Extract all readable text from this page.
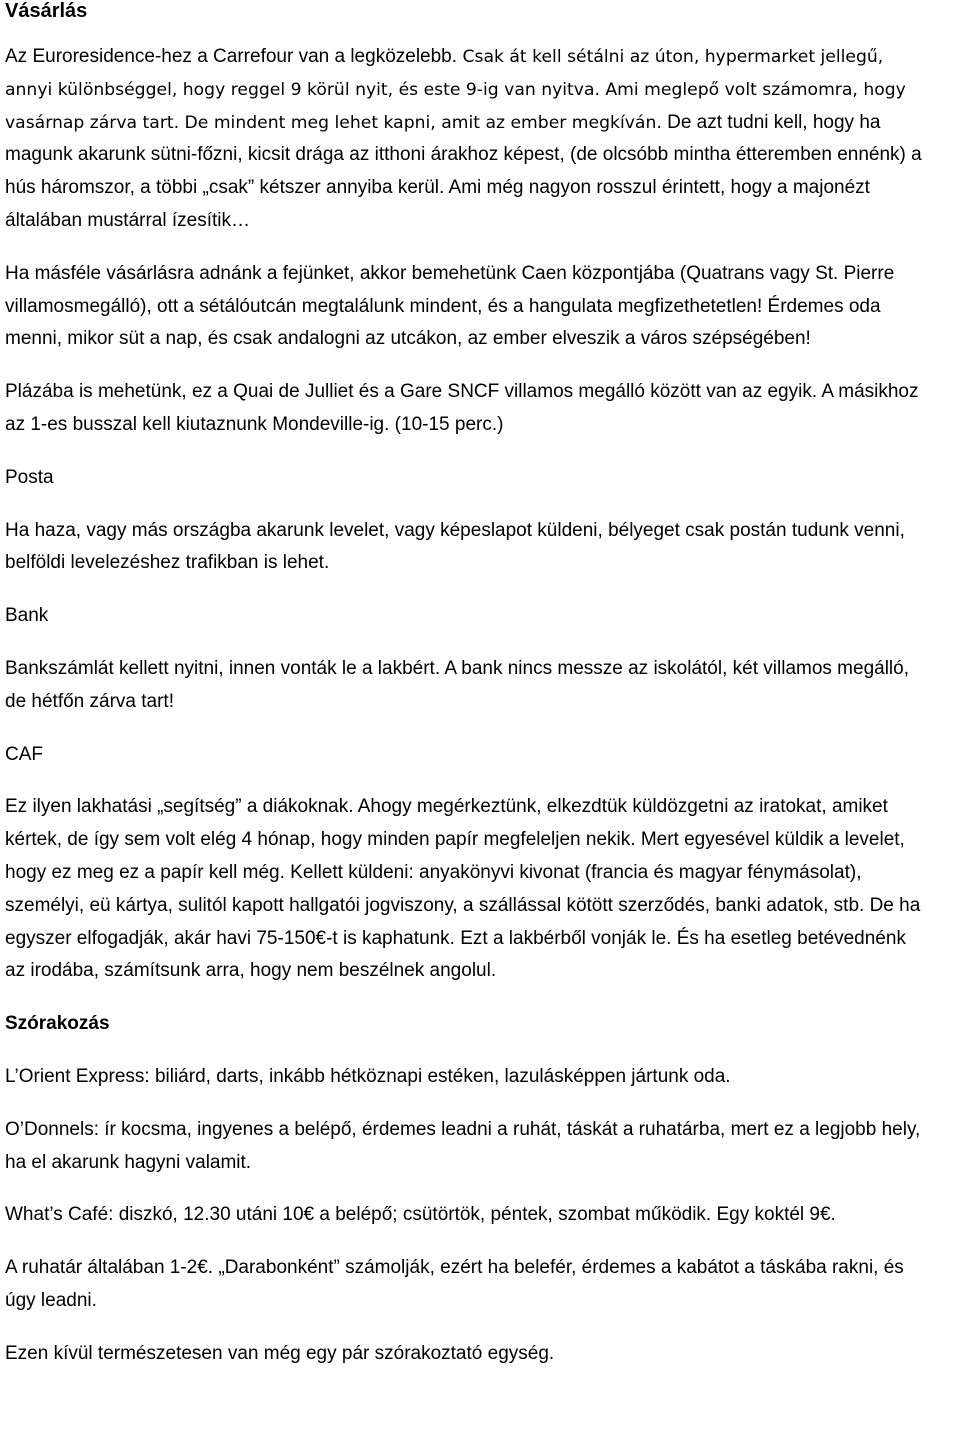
Vásárlás

Az Euroresidence-hez a Carrefour van a legközelebb. Csak át kell sétálni az úton, hypermarket jellegű, annyi különbséggel, hogy reggel 9 körül nyit, és este 9-ig van nyitva. Ami meglepő volt számomra, hogy vasárnap zárva tart. De mindent meg lehet kapni, amit az ember megkíván. De azt tudni kell, hogy ha magunk akarunk sütni-főzni, kicsit drága az itthoni árakhoz képest, (de olcsóbb mintha étteremben ennénk) a hús háromszor, a többi „csak” kétszer annyiba kerül. Ami még nagyon rosszul érintett, hogy a majonézt általában mustárral ízesítik…

Ha másféle vásárlásra adnánk a fejünket, akkor bemehetünk Caen központjába (Quatrans vagy St. Pierre villamosmegálló), ott a sétálóutcán megtalálunk mindent, és a hangulata megfizethetetlen! Érdemes oda menni, mikor süt a nap, és csak andalogni az utcákon, az ember elveszik a város szépségében!

Plázába is mehetünk, ez a Quai de Julliet és a Gare SNCF villamos megálló között van az egyik. A másikhoz az 1-es busszal kell kiutaznunk Mondeville-ig. (10-15 perc.)

Posta

Ha haza, vagy más országba akarunk levelet, vagy képeslapot küldeni, bélyeget csak postán tudunk venni, belföldi levelezéshez trafikban is lehet.

Bank

Bankszámlát kellett nyitni, innen vonták le a lakbért. A bank nincs messze az iskolától, két villamos megálló, de hétfőn zárva tart!

CAF

Ez ilyen lakhatási „segítség” a diákoknak. Ahogy megérkeztünk, elkezdtük küldözgetni az iratokat, amiket kértek, de így sem volt elég 4 hónap, hogy minden papír megfeleljen nekik. Mert egyesével küldik a levelet, hogy ez meg ez a papír kell még. Kellett küldeni: anyakönyvi kivonat (francia és magyar fénymásolat), személyi, eü kártya, sulitól kapott hallgatói jogviszony, a szállással kötött szerződés, banki adatok, stb. De ha egyszer elfogadják, akár havi 75-150€-t is kaphatunk. Ezt a lakbérből vonják le. És ha esetleg betévednénk az irodába, számítsunk arra, hogy nem beszélnek angolul.

Szórakozás

L’Orient Express: biliárd, darts, inkább hétköznapi estéken, lazulásképpen jártunk oda.

O’Donnels: ír kocsma, ingyenes a belépő, érdemes leadni a ruhát, táskát a ruhatárba, mert ez a legjobb hely, ha el akarunk hagyni valamit.

What’s Café: diszkó, 12.30 utáni 10€ a belépő; csütörtök, péntek, szombat működik. Egy koktél 9€.

A ruhatár általában 1-2€. „Darabonként” számolják, ezért ha belefér, érdemes a kabátot a táskába rakni, és úgy leadni.

Ezen kívül természetesen van még egy pár szórakoztató egység.
